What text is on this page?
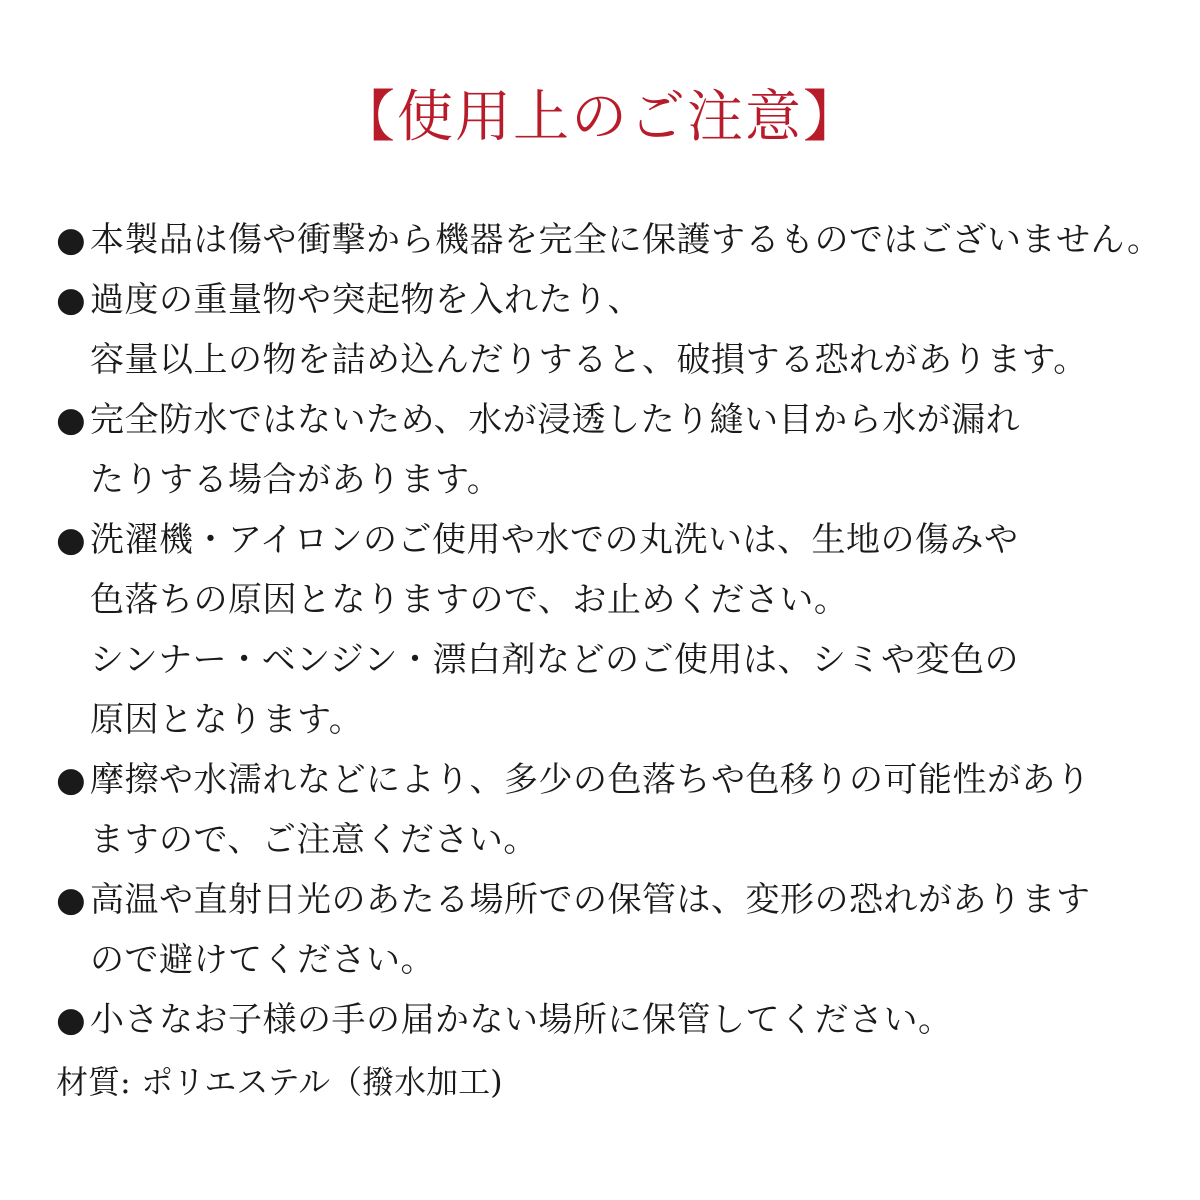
【使用上のご注意】
● 本製品は傷や衝撃から機器を完全に保護するものではございません。
● 過度の重量物や突起物を入れたり、
容量以上の物を詰め込んだりすると、破損する恐れがあります。
● 完全防水ではないため、水が浸透したり縫い目から水が漏れ
たりする場合があります。
● 洗濯機・アイロンのご使用や水での丸洗いは、生地の傷みや
色落ちの原因となりますので、お止めください。
シンナー・ベンジン・漂白剤などのご使用は、シミや変色の
原因となります。
● 摩擦や水濡れなどにより、多少の色落ちや色移りの可能性があり
ますので、ご注意ください。
● 高温や直射日光のあたる場所での保管は、変形の恐れがあります
ので避けてください。
● 小さなお子様の手の届かない場所に保管してください。
材質: ポリエステル（撥水加工)
